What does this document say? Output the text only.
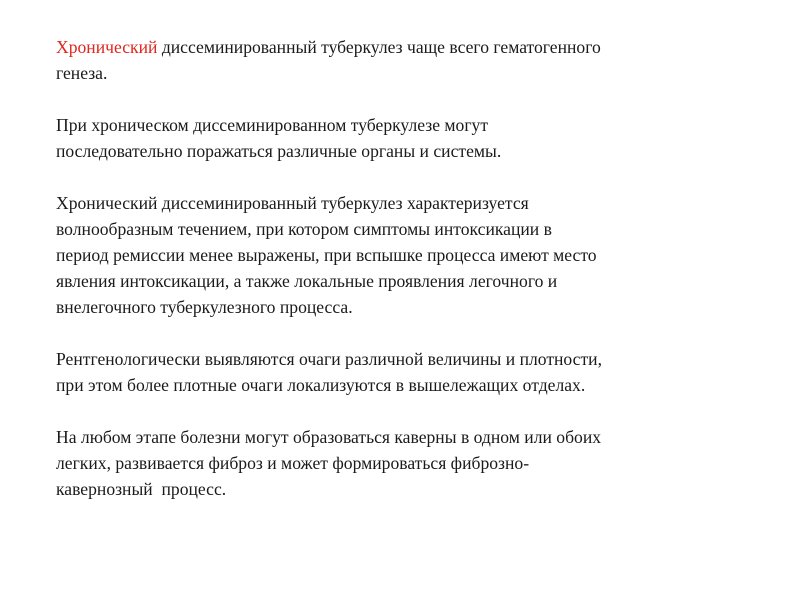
Хронический диссеминированный туберкулез чаще всего гематогенного
генеза.

При хроническом диссеминированном туберкулезе могут
последовательно поражаться различные органы и системы.

Хронический диссеминированный туберкулез характеризуется
волнообразным течением, при котором симптомы интоксикации в
период ремиссии менее выражены, при вспышке процесса имеют место
явления интоксикации, а также локальные проявления легочного и
внелегочного туберкулезного процесса.

Рентгенологически выявляются очаги различной величины и плотности,
при этом более плотные очаги локализуются в вышележащих отделах.

На любом этапе болезни могут образоваться каверны в одном или обоих
легких, развивается фиброз и может формироваться фиброзно-
кавернозный  процесс.
